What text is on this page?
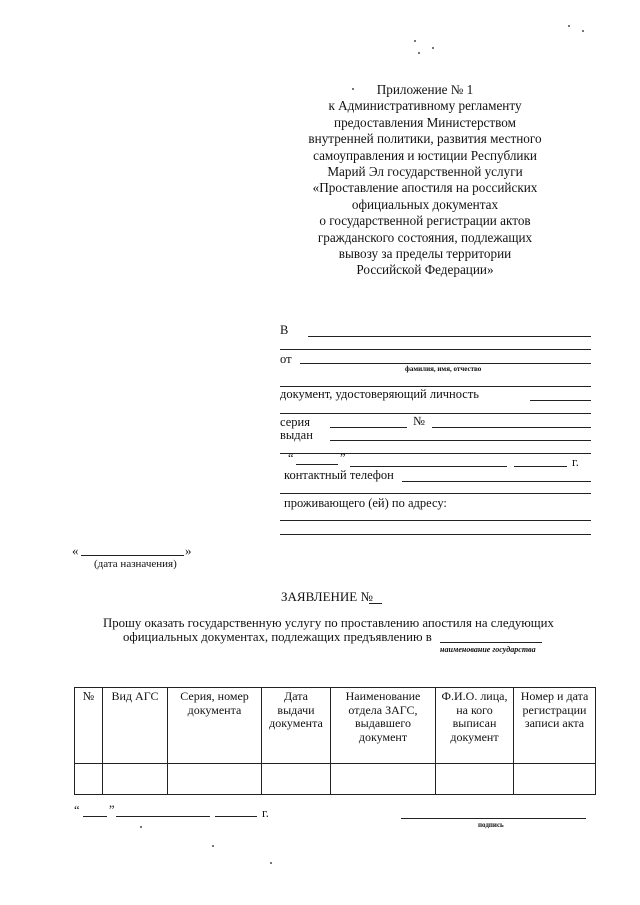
Приложение № 1
к Административному регламенту
предоставления Министерством
внутренней политики, развития местного
самоуправления и юстиции Республики
Марий Эл государственной услуги
«Проставление апостиля на российских
официальных документах
о государственной регистрации актов
гражданского состояния, подлежащих
вывозу за пределы территории
Российской Федерации»
В
от
фамилия, имя, отчество
документ, удостоверяющий личность
серия	№
выдан
“	”	г.
контактный телефон
проживающего (ей) по адресу:
«	»
(дата назначения)
ЗАЯВЛЕНИЕ №
Прошу оказать государственную услугу по проставлению апостиля на следующих
официальных документах, подлежащих предъявлению в
наименование государства
№	Вид АГС	Серия, номер документа	Дата выдачи документа	Наименование отдела ЗАГС, выдавшего документ	Ф.И.О. лица, на кого выписан документ	Номер и дата регистрации записи акта

“ ”	г.
подпись
